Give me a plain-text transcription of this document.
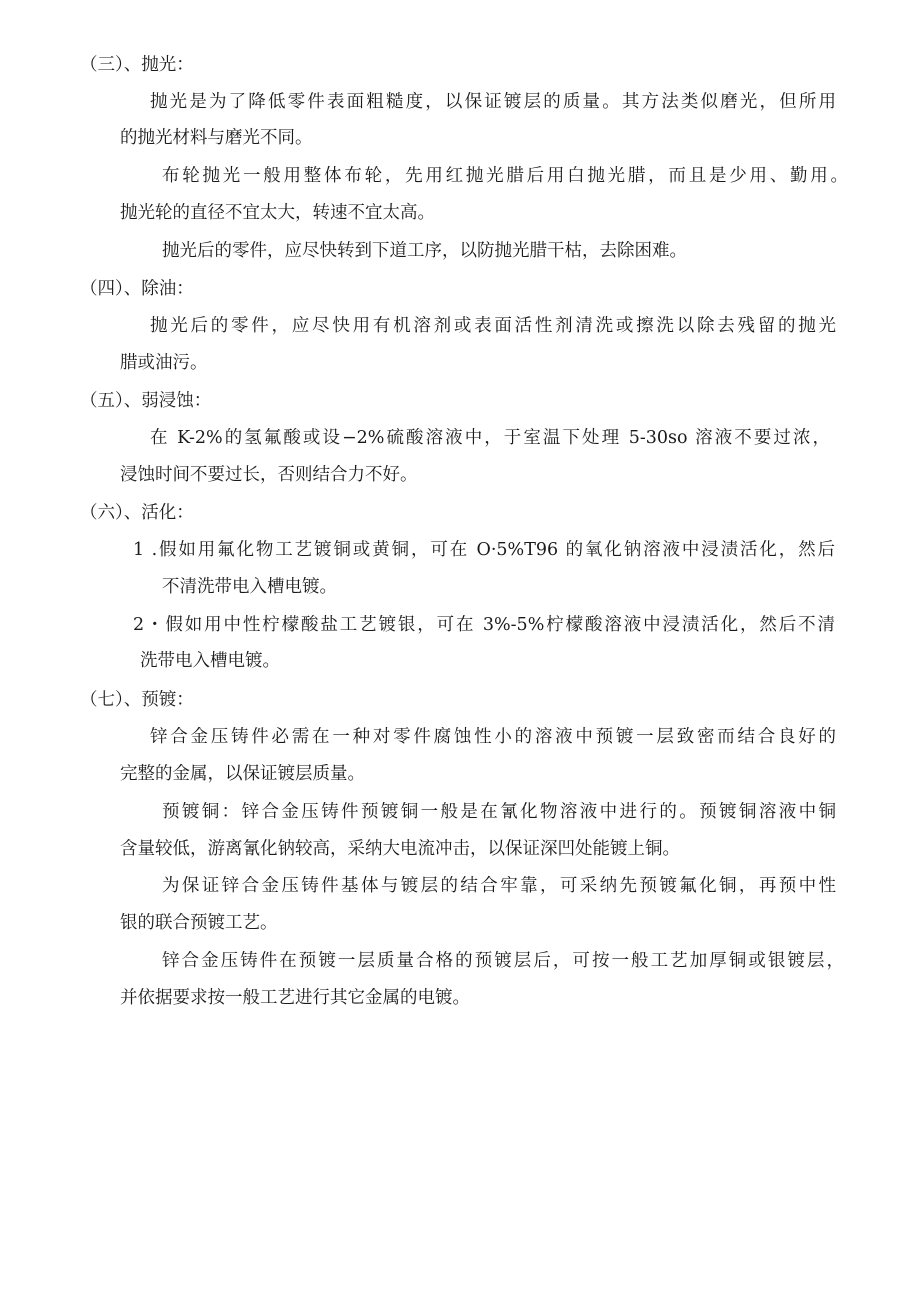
（三）、抛光：
抛光是为了降低零件表面粗糙度，以保证镀层的质量。其方法类似磨光，但所用
的抛光材料与磨光不同。
布轮抛光一般用整体布轮，先用红抛光腊后用白抛光腊，而且是少用、勤用。
抛光轮的直径不宜太大，转速不宜太高。
抛光后的零件，应尽快转到下道工序，以防抛光腊干枯，去除困难。
（四）、除油：
抛光后的零件，应尽快用有机溶剂或表面活性剂清洗或擦洗以除去残留的抛光
腊或油污。
（五）、弱浸蚀：
在 K-2%的氢氟酸或设−2%硫酸溶液中，于室温下处理 5-30so 溶液不要过浓，
浸蚀时间不要过长，否则结合力不好。
（六）、活化：
1 .假如用氟化物工艺镀铜或黄铜，可在 O·5%T96 的氧化钠溶液中浸渍活化，然后
不清洗带电入槽电镀。
2・假如用中性柠檬酸盐工艺镀银，可在 3%-5%柠檬酸溶液中浸渍活化，然后不清
洗带电入槽电镀。
（七）、预镀：
锌合金压铸件必需在一种对零件腐蚀性小的溶液中预镀一层致密而结合良好的
完整的金属，以保证镀层质量。
预镀铜：锌合金压铸件预镀铜一般是在氰化物溶液中进行的。预镀铜溶液中铜
含量较低，游离氰化钠较高，采纳大电流冲击，以保证深凹处能镀上铜。
为保证锌合金压铸件基体与镀层的结合牢靠，可采纳先预镀氟化铜，再预中性
银的联合预镀工艺。
锌合金压铸件在预镀一层质量合格的预镀层后，可按一般工艺加厚铜或银镀层，
并依据要求按一般工艺进行其它金属的电镀。
